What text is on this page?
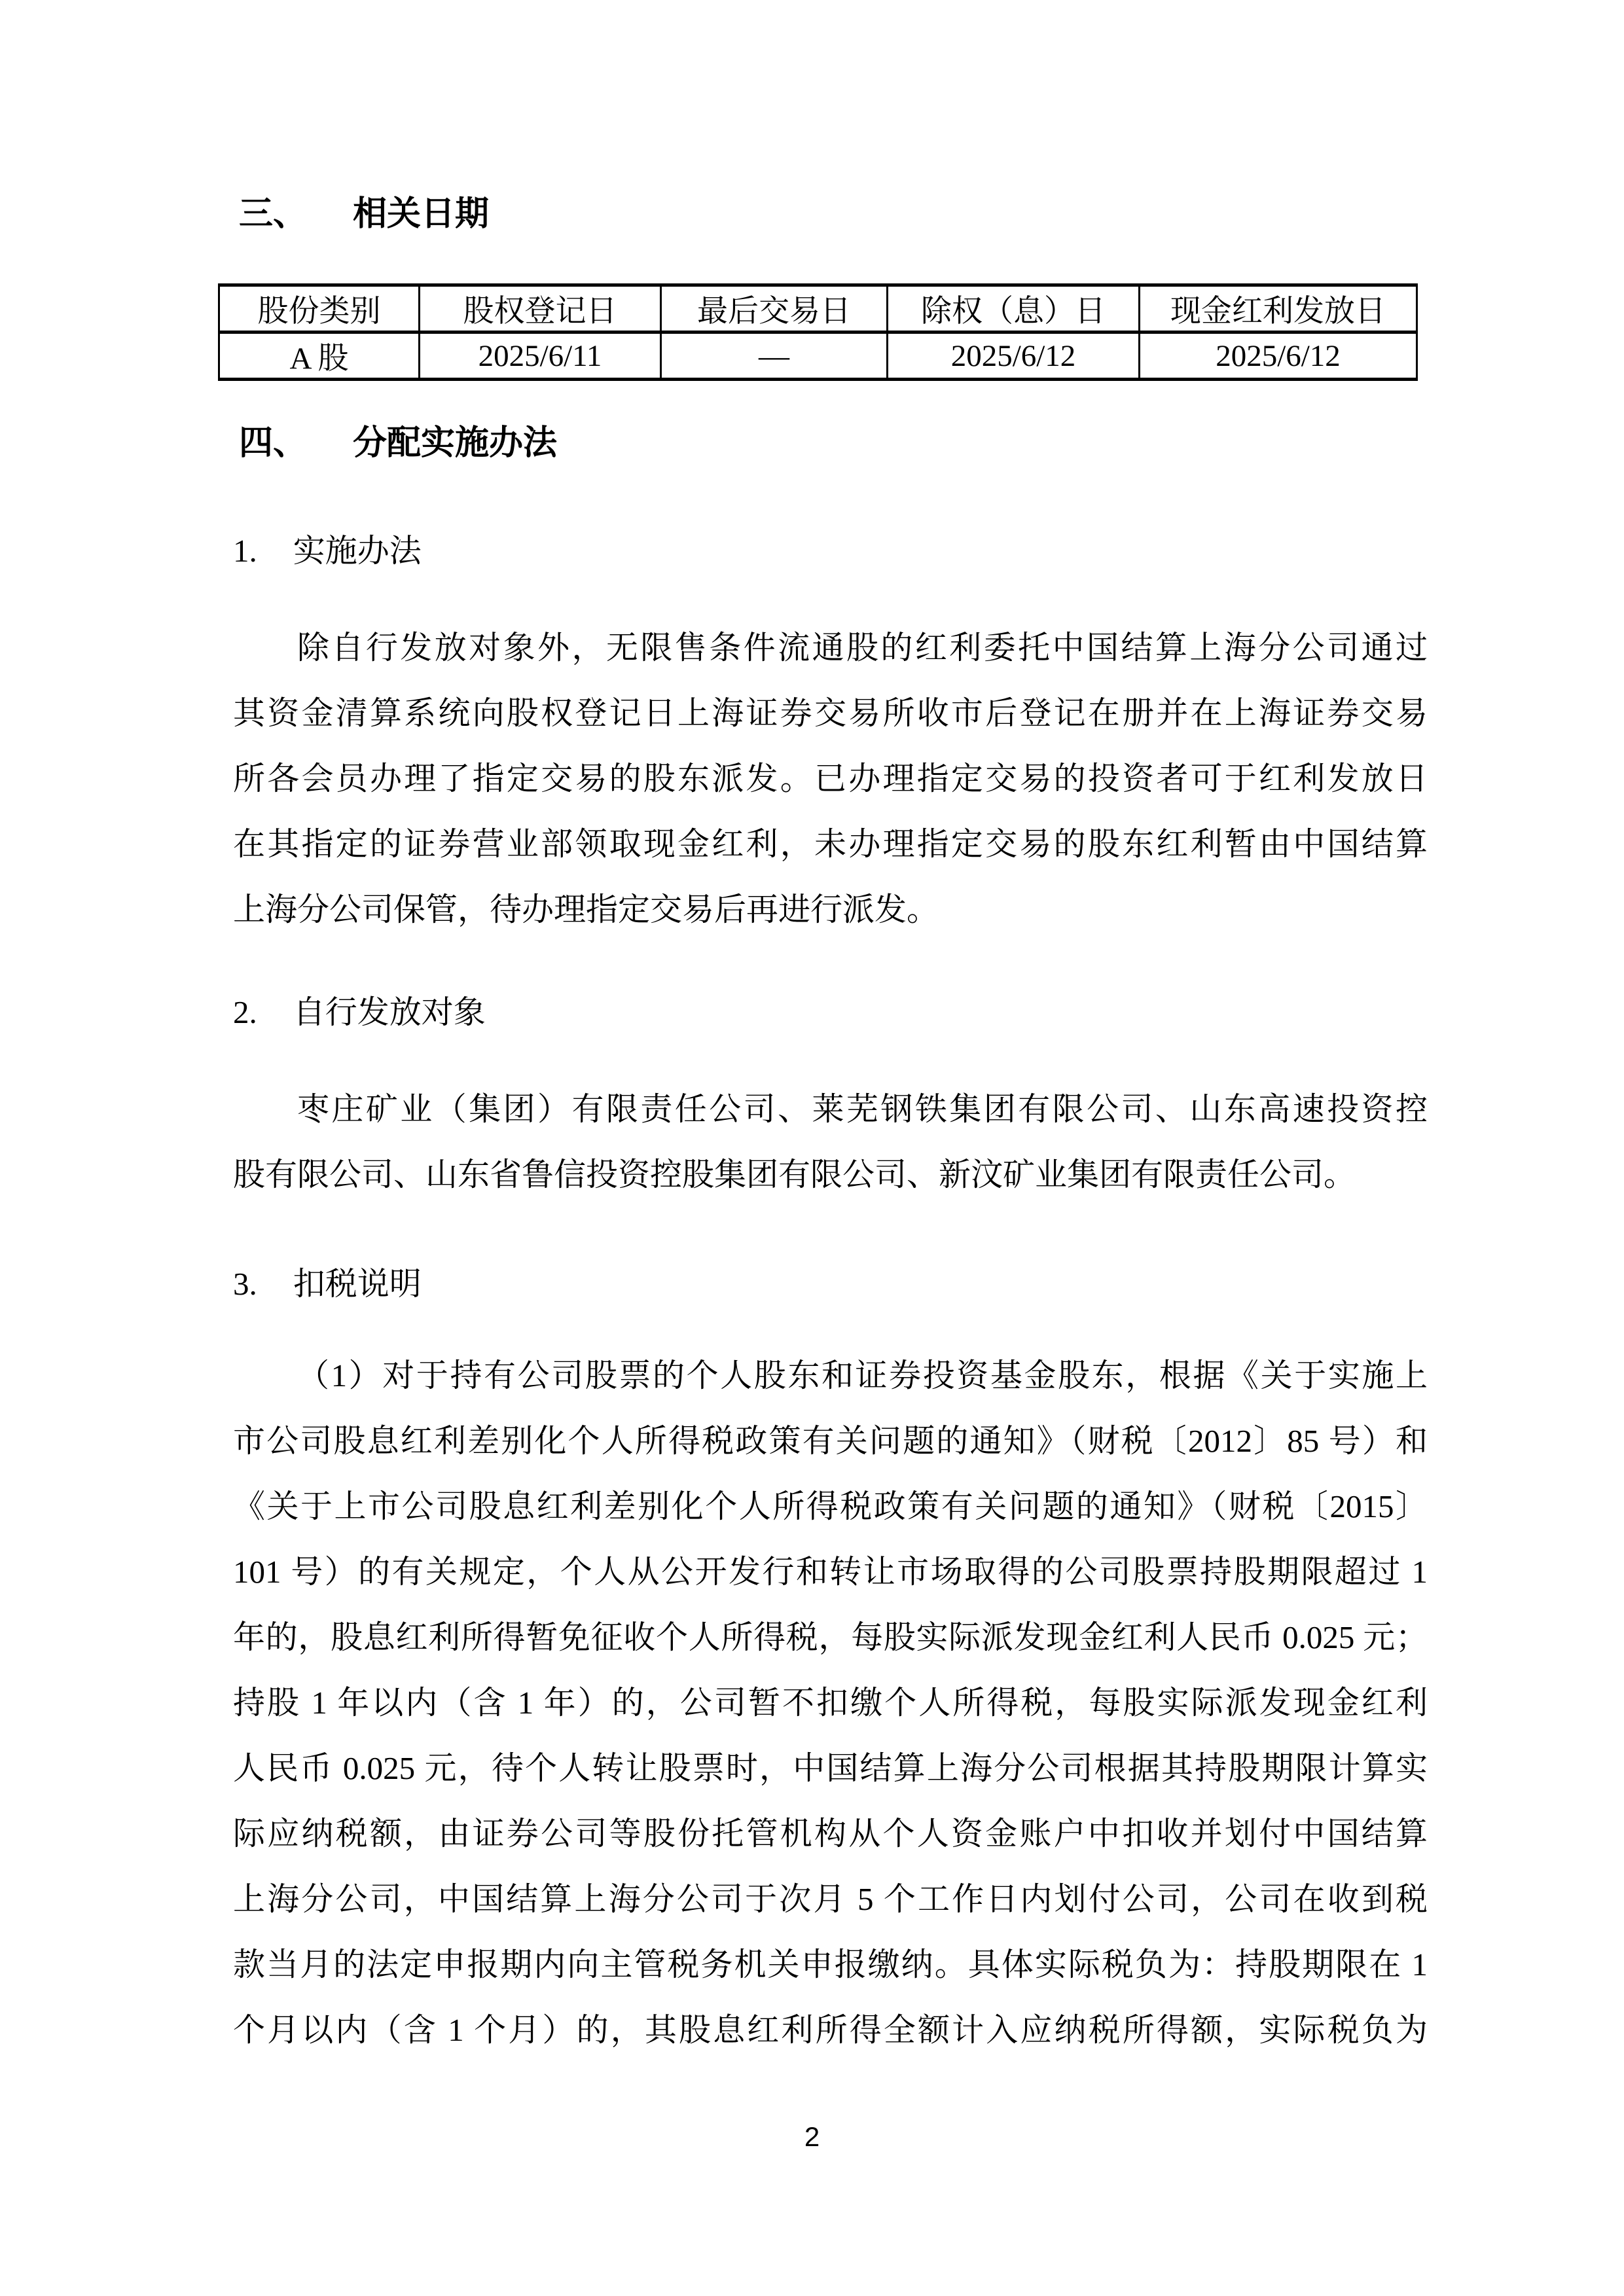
三、 相关日期
股份类别	股权登记日	最后交易日	除权（息）日	现金红利发放日
A 股	2025/6/11	—	2025/6/12	2025/6/12
四、 分配实施办法
1. 实施办法
除自行发放对象外，无限售条件流通股的红利委托中国结算上海分公司通过
其资金清算系统向股权登记日上海证券交易所收市后登记在册并在上海证券交易
所各会员办理了指定交易的股东派发。已办理指定交易的投资者可于红利发放日
在其指定的证券营业部领取现金红利，未办理指定交易的股东红利暂由中国结算
上海分公司保管，待办理指定交易后再进行派发。
2. 自行发放对象
枣庄矿业（集团）有限责任公司、莱芜钢铁集团有限公司、山东高速投资控
股有限公司、山东省鲁信投资控股集团有限公司、新汶矿业集团有限责任公司。
3. 扣税说明
（1）对于持有公司股票的个人股东和证券投资基金股东，根据《关于实施上
市公司股息红利差别化个人所得税政策有关问题的通知》（财税〔2012〕85 号）和
《关于上市公司股息红利差别化个人所得税政策有关问题的通知》（财税〔2015〕
101 号）的有关规定，个人从公开发行和转让市场取得的公司股票持股期限超过 1
年的，股息红利所得暂免征收个人所得税，每股实际派发现金红利人民币 0.025 元；
持股 1 年以内（含 1 年）的，公司暂不扣缴个人所得税，每股实际派发现金红利
人民币 0.025 元，待个人转让股票时，中国结算上海分公司根据其持股期限计算实
际应纳税额，由证券公司等股份托管机构从个人资金账户中扣收并划付中国结算
上海分公司，中国结算上海分公司于次月 5 个工作日内划付公司，公司在收到税
款当月的法定申报期内向主管税务机关申报缴纳。具体实际税负为：持股期限在 1
个月以内（含 1 个月）的，其股息红利所得全额计入应纳税所得额，实际税负为
2
